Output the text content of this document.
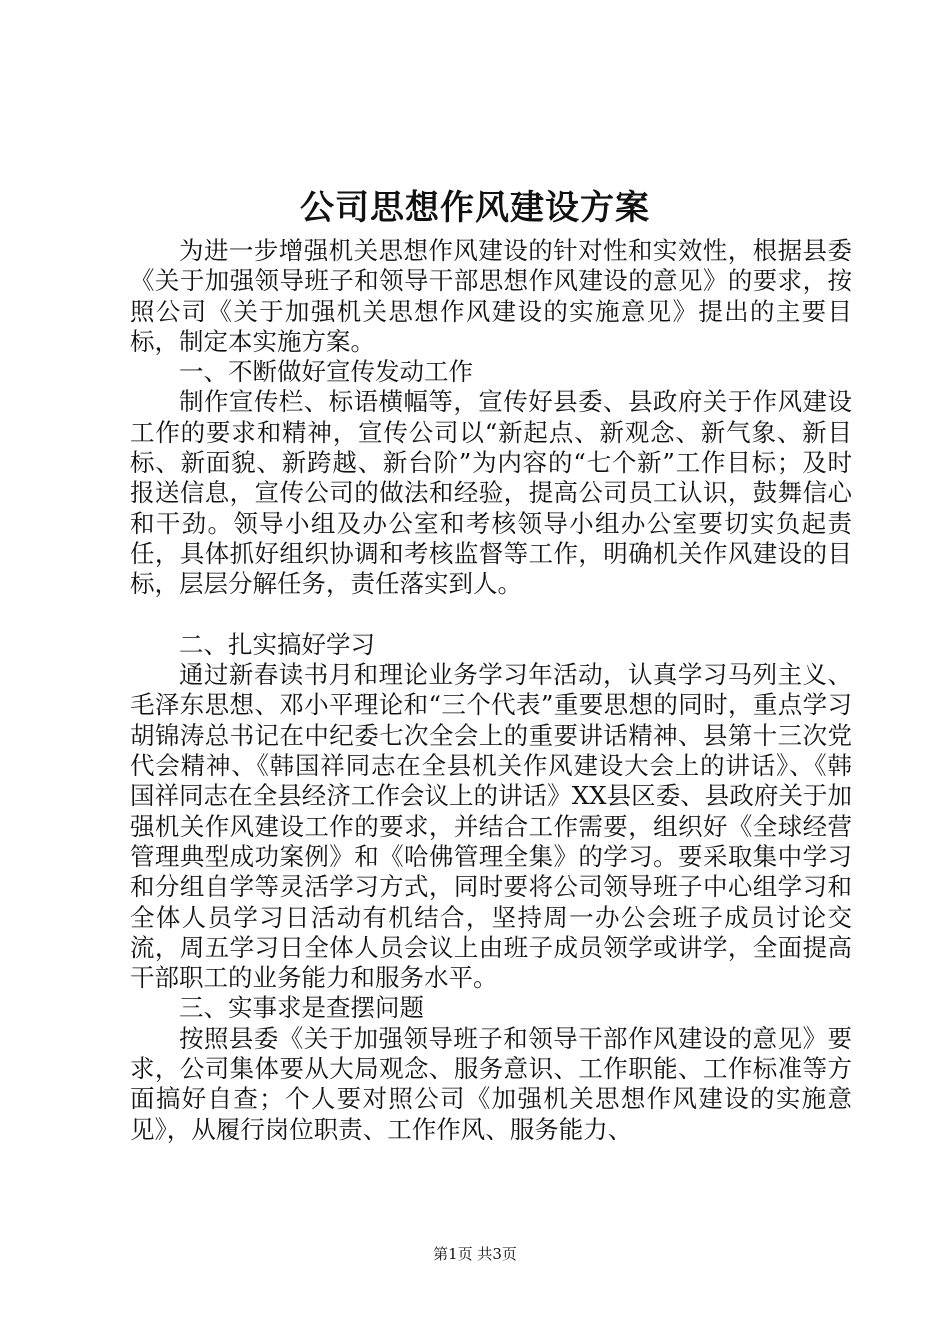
公司思想作风建设方案

为进一步增强机关思想作风建设的针对性和实效性，根据县委《关于加强领导班子和领导干部思想作风建设的意见》的要求，按照公司《关于加强机关思想作风建设的实施意见》提出的主要目标，制定本实施方案。

一、不断做好宣传发动工作

制作宣传栏、标语横幅等，宣传好县委、县政府关于作风建设工作的要求和精神，宣传公司以“新起点、新观念、新气象、新目标、新面貌、新跨越、新台阶”为内容的“七个新”工作目标；及时报送信息，宣传公司的做法和经验，提高公司员工认识，鼓舞信心和干劲。领导小组及办公室和考核领导小组办公室要切实负起责任，具体抓好组织协调和考核监督等工作，明确机关作风建设的目标，层层分解任务，责任落实到人。

二、扎实搞好学习

通过新春读书月和理论业务学习年活动，认真学习马列主义、毛泽东思想、邓小平理论和“三个代表”重要思想的同时，重点学习胡锦涛总书记在中纪委七次全会上的重要讲话精神、县第十三次党代会精神、《韩国祥同志在全县机关作风建设大会上的讲话》、《韩国祥同志在全县经济工作会议上的讲话》XX县区委、县政府关于加强机关作风建设工作的要求，并结合工作需要，组织好《全球经营管理典型成功案例》和《哈佛管理全集》的学习。要采取集中学习和分组自学等灵活学习方式，同时要将公司领导班子中心组学习和全体人员学习日活动有机结合，坚持周一办公会班子成员讨论交流，周五学习日全体人员会议上由班子成员领学或讲学，全面提高干部职工的业务能力和服务水平。

三、实事求是查摆问题

按照县委《关于加强领导班子和领导干部作风建设的意见》要求，公司集体要从大局观念、服务意识、工作职能、工作标准等方面搞好自查；个人要对照公司《加强机关思想作风建设的实施意见》，从履行岗位职责、工作作风、服务能力、

第1页 共3页
